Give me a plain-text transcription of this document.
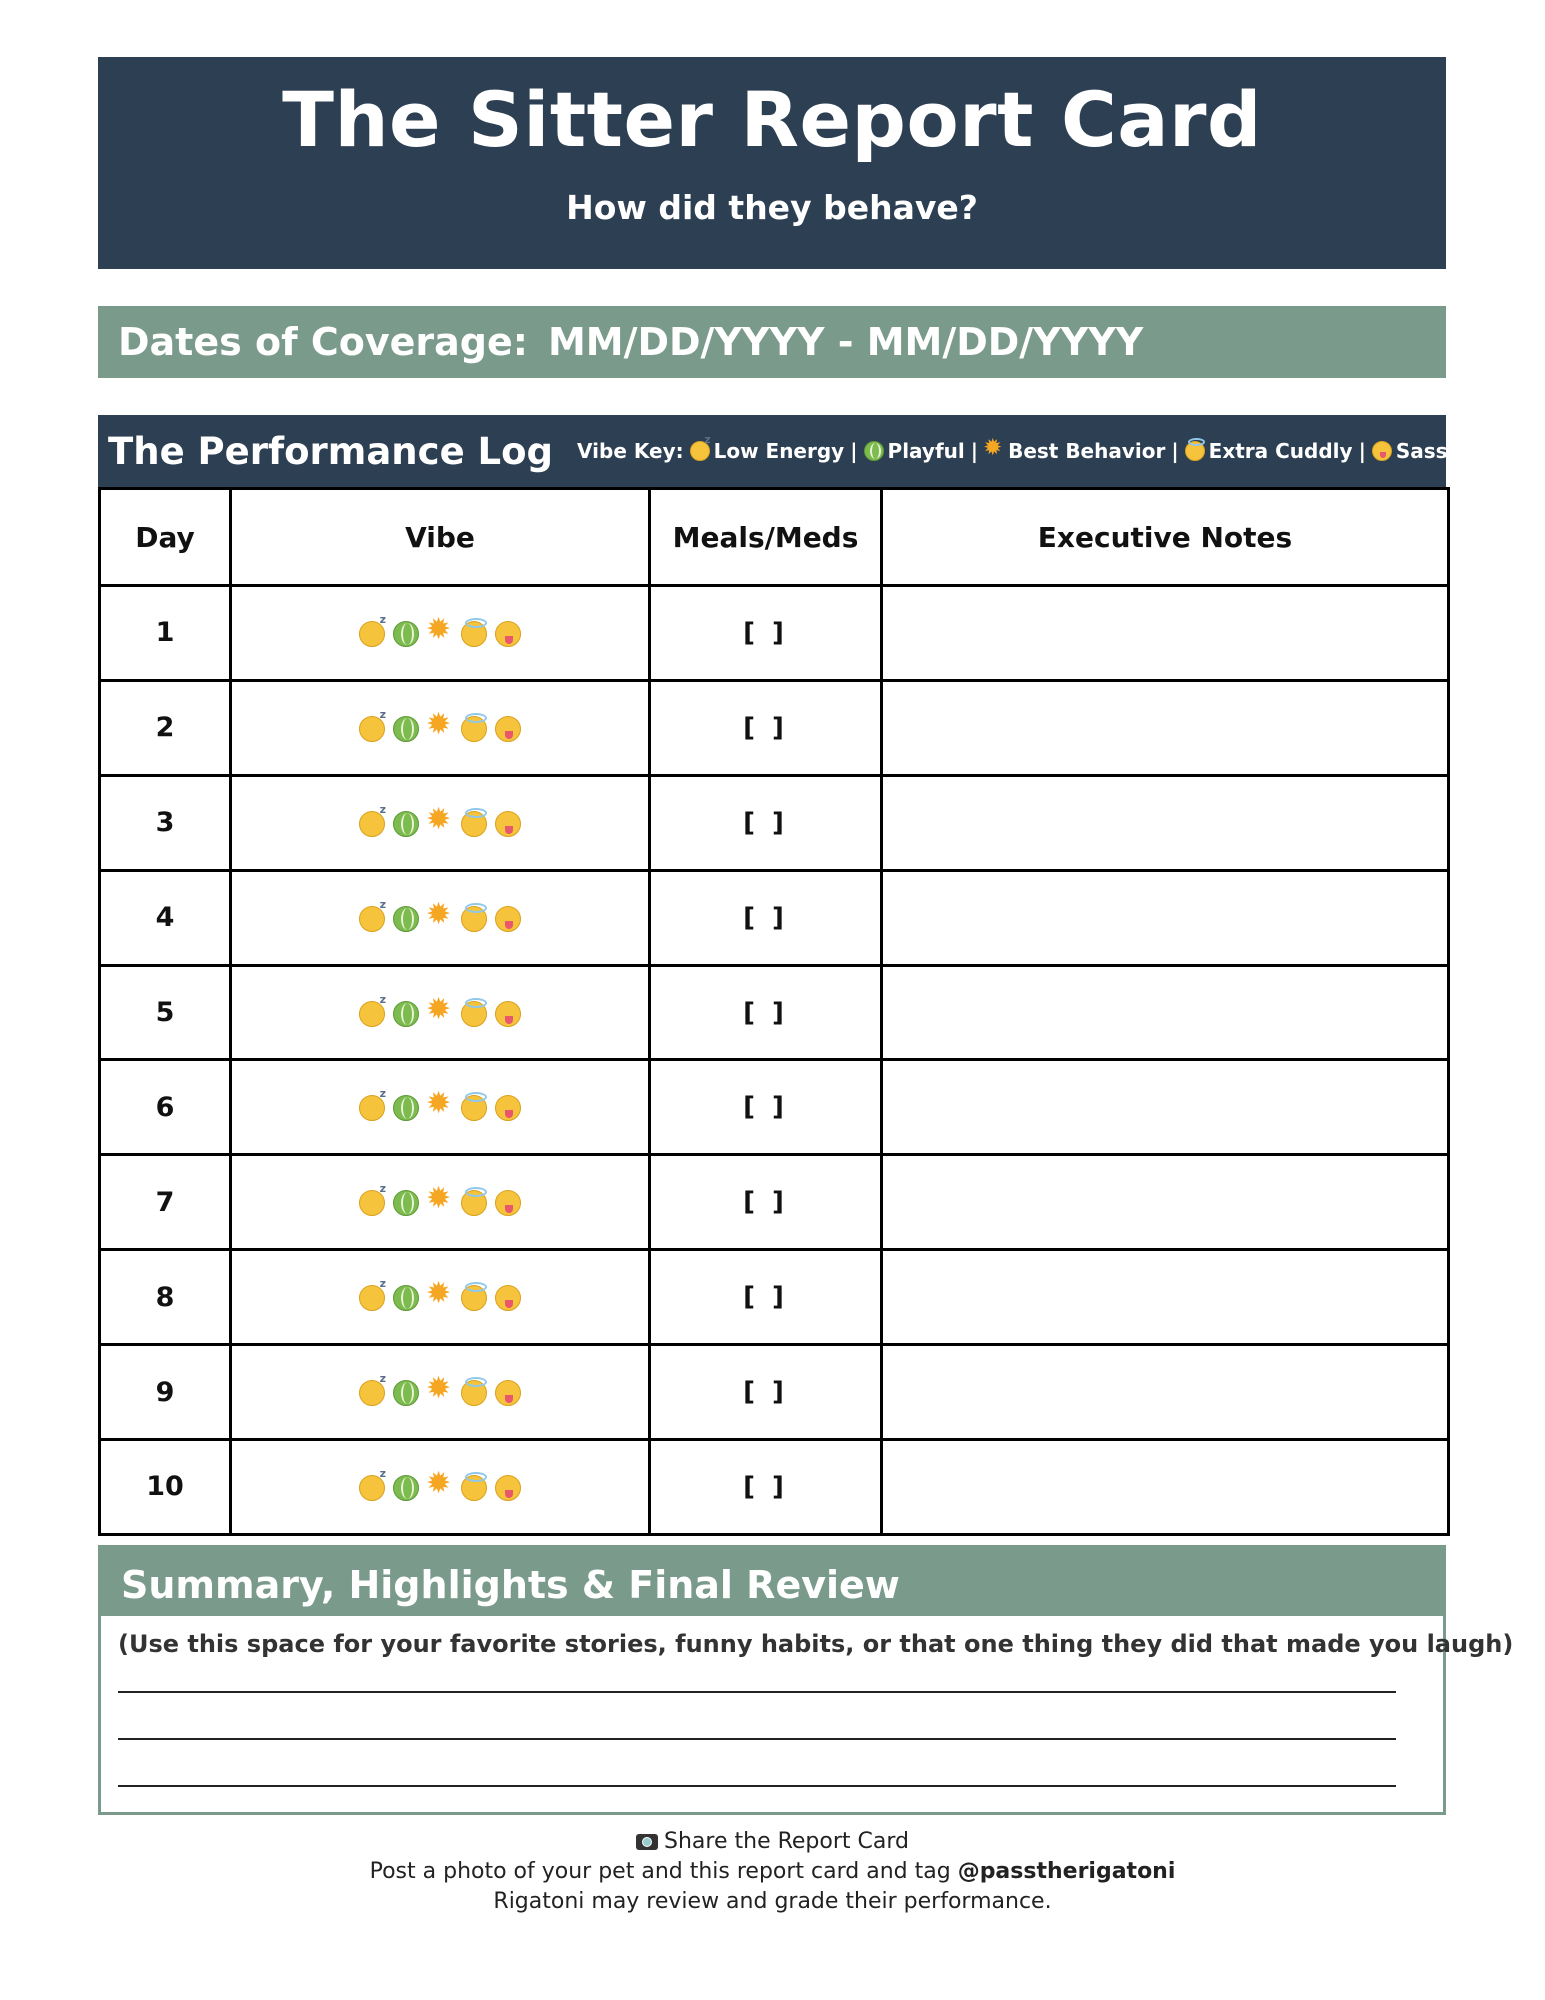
The Sitter Report Card
How did they behave?
Dates of Coverage: MM/DD/YYYY - MM/DD/YYYY
The Performance Log Vibe Key: z Low Energy | Playful | ✹ Best Behavior | Extra Cuddly | Sassy
Day	Vibe	Meals/Meds	Executive Notes
1	z✹	[ ]	
2	z✹	[ ]	
3	z✹	[ ]	
4	z✹	[ ]	
5	z✹	[ ]	
6	z✹	[ ]	
7	z✹	[ ]	
8	z✹	[ ]	
9	z✹	[ ]	
10	z✹	[ ]	
Summary, Highlights & Final Review
(Use this space for your favorite stories, funny habits, or that one thing they did that made you laugh)
Share the Report Card
Post a photo of your pet and this report card and tag @passtherigatoni
Rigatoni may review and grade their performance.
